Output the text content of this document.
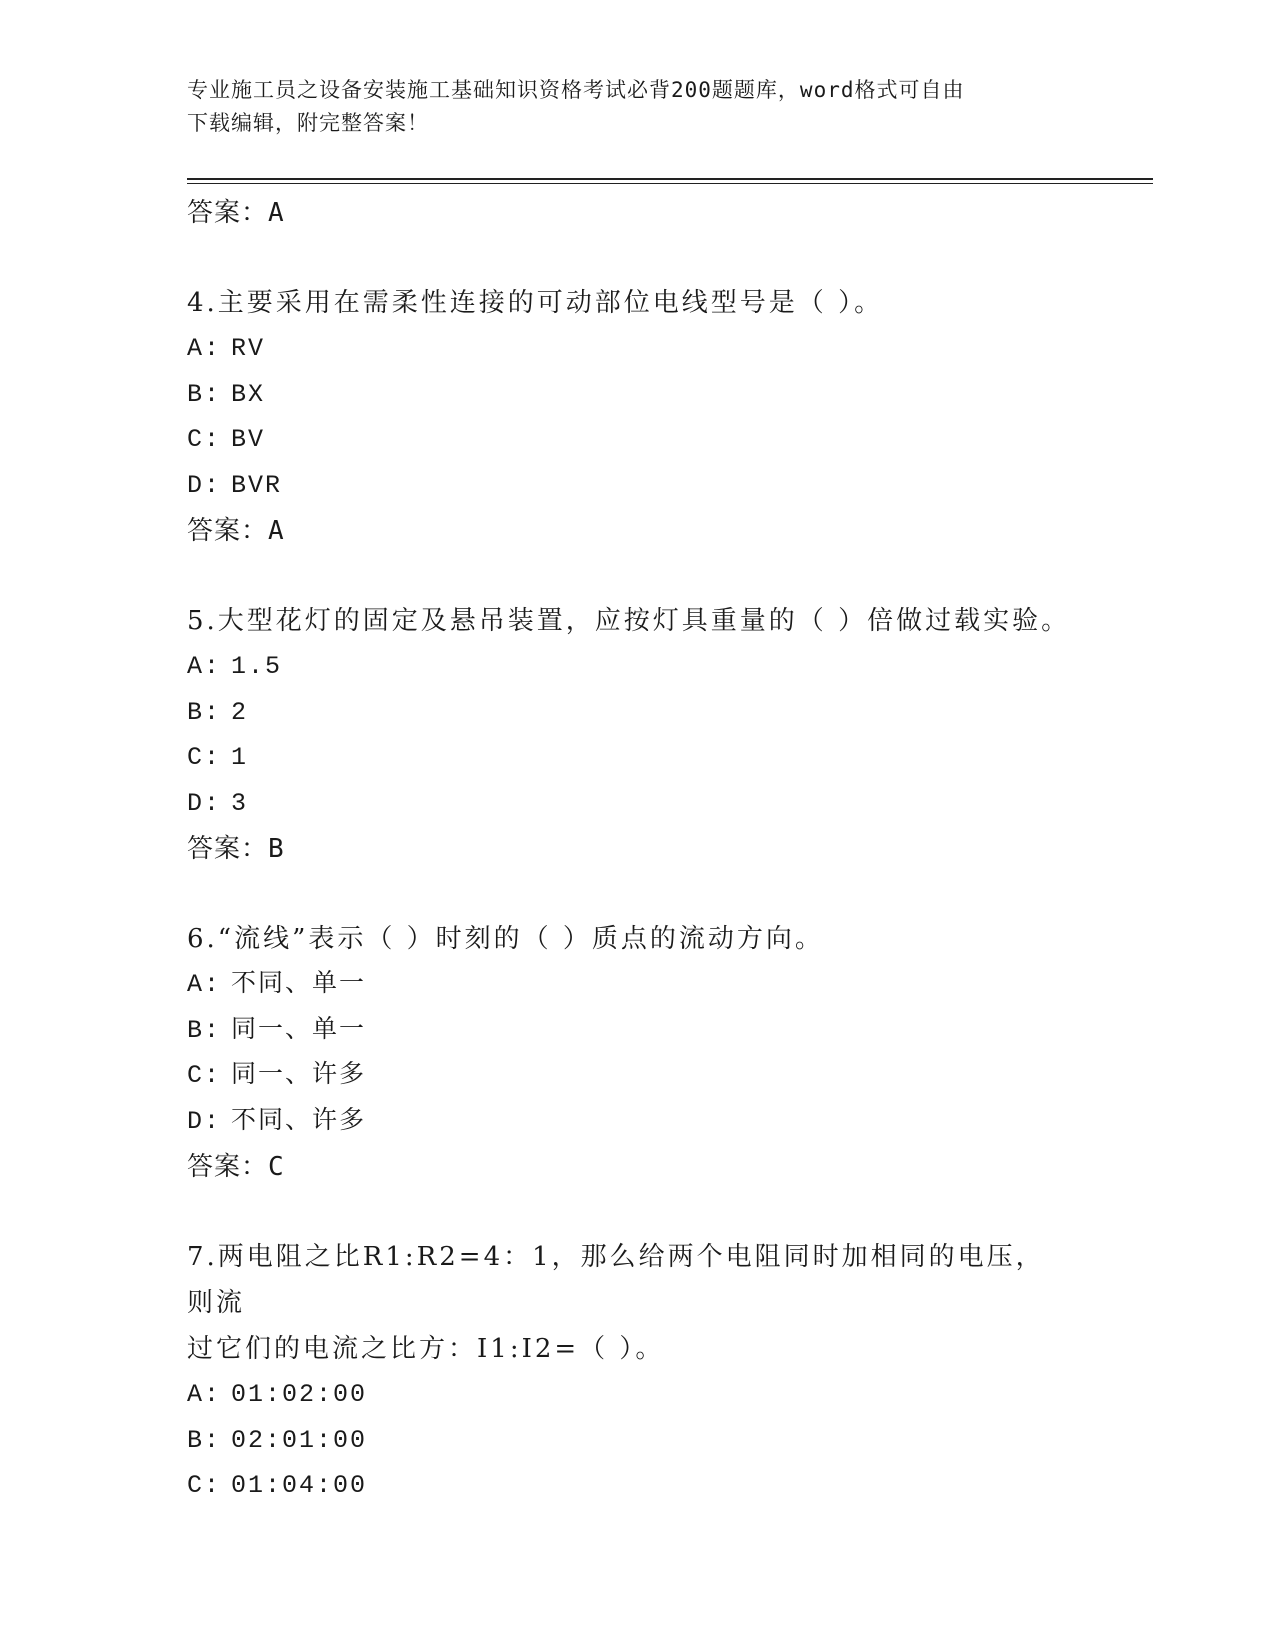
专业施工员之设备安装施工基础知识资格考试必背200题题库，word格式可自由
下载编辑，附完整答案！
答案：A
4.主要采用在需柔性连接的可动部位电线型号是（ ）。
A: RV
B: BX
C: BV
D: BVR
答案：A
5.大型花灯的固定及悬吊装置，应按灯具重量的（ ）倍做过载实验。
A: 1.5
B: 2
C: 1
D: 3
答案：B
6.“流线”表示（ ）时刻的（ ）质点的流动方向。
A: 不同、单一
B: 同一、单一
C: 同一、许多
D: 不同、许多
答案：C
7.两电阻之比R1:R2=4：1，那么给两个电阻同时加相同的电压，则流
过它们的电流之比方：I1:I2=（ ）。
A: 01:02:00
B: 02:01:00
C: 01:04:00
